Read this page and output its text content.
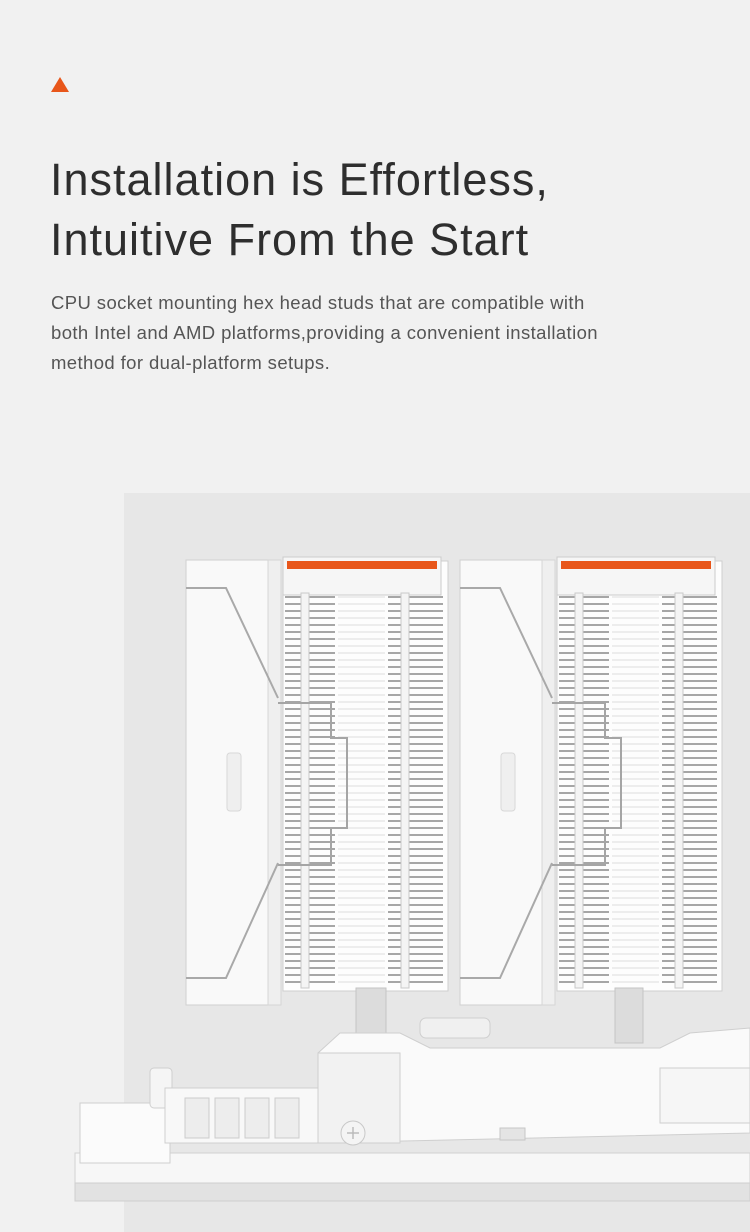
Installation is Effortless,
Intuitive From the Start

CPU socket mounting hex head studs that are compatible with
both Intel and AMD platforms,providing a convenient installation
method for dual-platform setups.
